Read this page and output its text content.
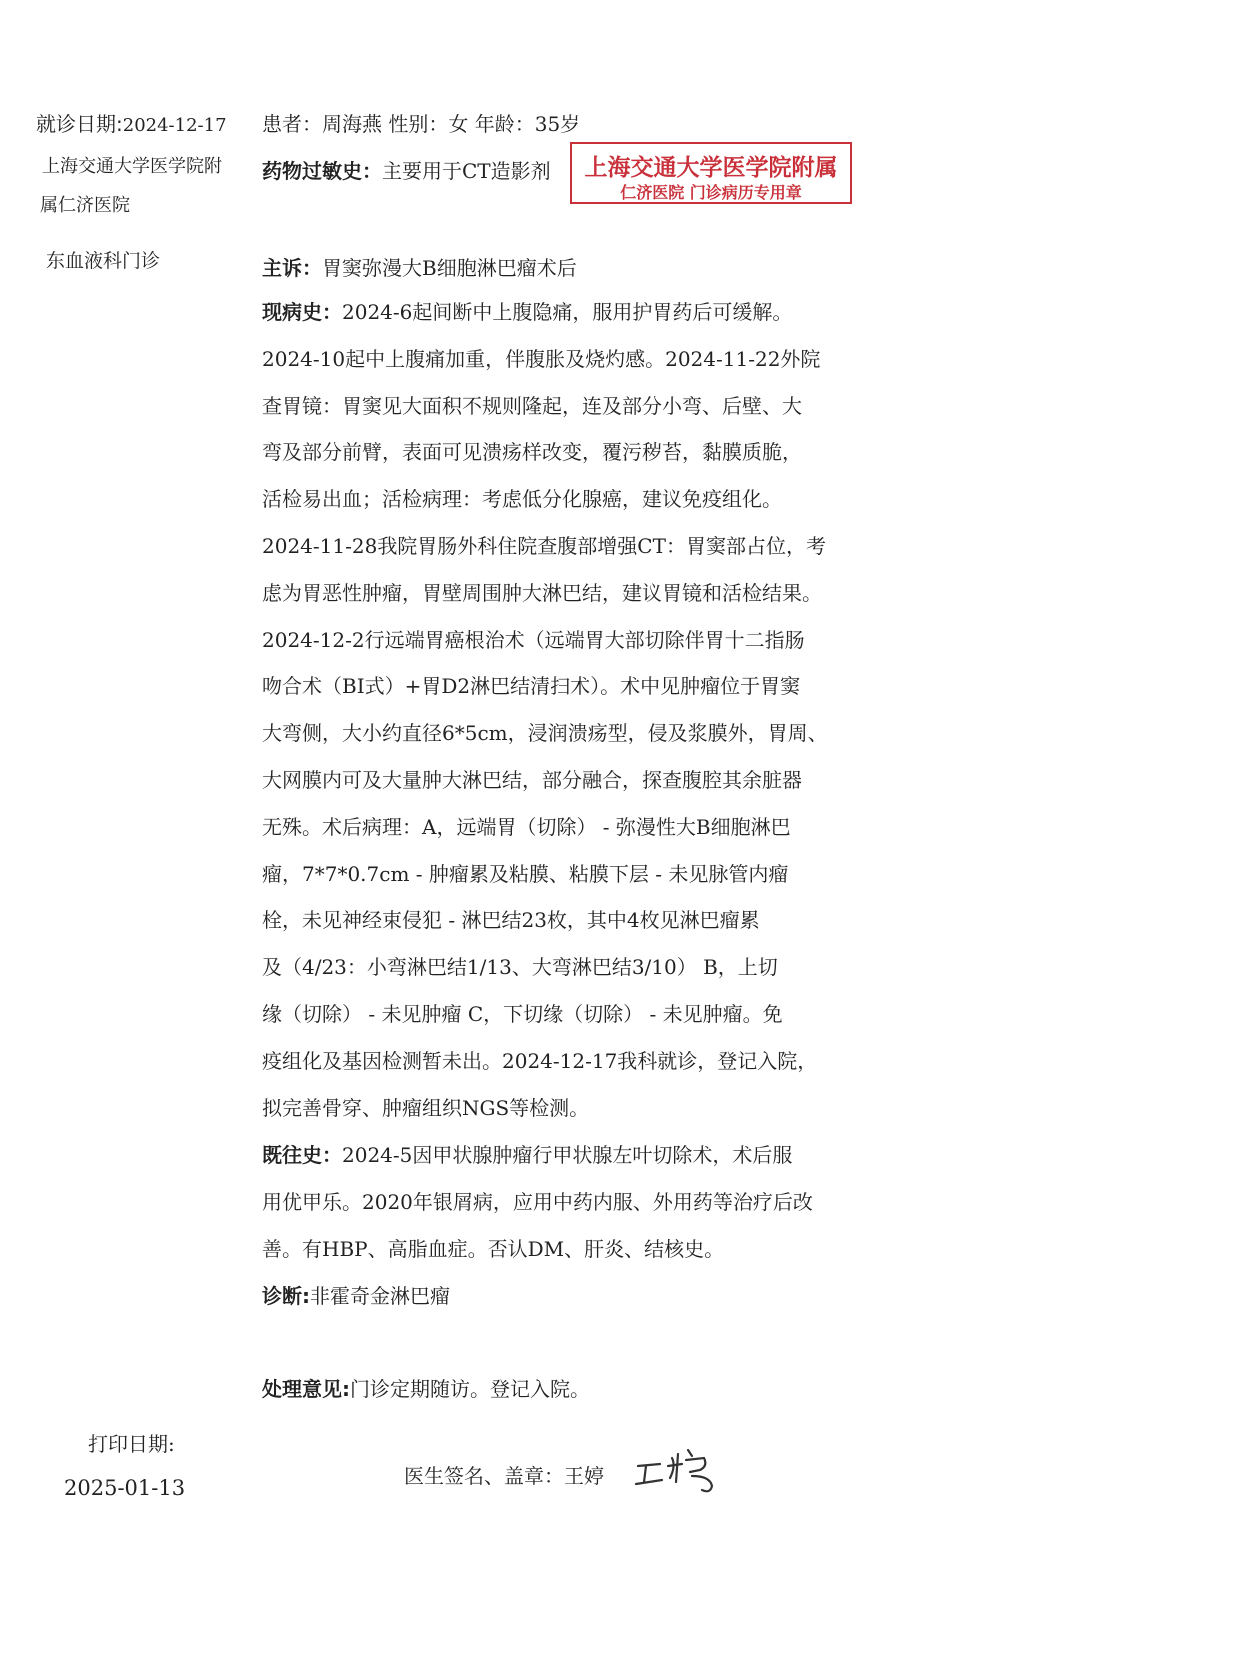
就诊日期:2024-12-17
上海交通大学医学院附
属仁济医院
东血液科门诊
打印日期:
2025-01-13
患者：周海燕 性别：女 年龄：35岁
药物过敏史：主要用于CT造影剂
主诉：胃窦弥漫大B细胞淋巴瘤术后
现病史：2024-6起间断中上腹隐痛，服用护胃药后可缓解。
2024-10起中上腹痛加重，伴腹胀及烧灼感。2024-11-22外院
查胃镜：胃窦见大面积不规则隆起，连及部分小弯、后壁、大
弯及部分前臂，表面可见溃疡样改变，覆污秽苔，黏膜质脆，
活检易出血；活检病理：考虑低分化腺癌，建议免疫组化。
2024-11-28我院胃肠外科住院查腹部增强CT：胃窦部占位，考
虑为胃恶性肿瘤，胃壁周围肿大淋巴结，建议胃镜和活检结果。
2024-12-2行远端胃癌根治术（远端胃大部切除伴胃十二指肠
吻合术（BI式）+胃D2淋巴结清扫术）。术中见肿瘤位于胃窦
大弯侧，大小约直径6*5cm，浸润溃疡型，侵及浆膜外，胃周、
大网膜内可及大量肿大淋巴结，部分融合，探查腹腔其余脏器
无殊。术后病理：A，远端胃（切除） - 弥漫性大B细胞淋巴
瘤，7*7*0.7cm - 肿瘤累及粘膜、粘膜下层 - 未见脉管内瘤
栓，未见神经束侵犯 - 淋巴结23枚，其中4枚见淋巴瘤累
及（4/23：小弯淋巴结1/13、大弯淋巴结3/10） B，上切
缘（切除） - 未见肿瘤 C，下切缘（切除） - 未见肿瘤。免
疫组化及基因检测暂未出。2024-12-17我科就诊，登记入院，
拟完善骨穿、肿瘤组织NGS等检测。
既往史：2024-5因甲状腺肿瘤行甲状腺左叶切除术，术后服
用优甲乐。2020年银屑病，应用中药内服、外用药等治疗后改
善。有HBP、高脂血症。否认DM、肝炎、结核史。
诊断:非霍奇金淋巴瘤
处理意见:门诊定期随访。登记入院。
上海交通大学医学院附属
仁济医院 门诊病历专用章
医生签名、盖章：王婷
